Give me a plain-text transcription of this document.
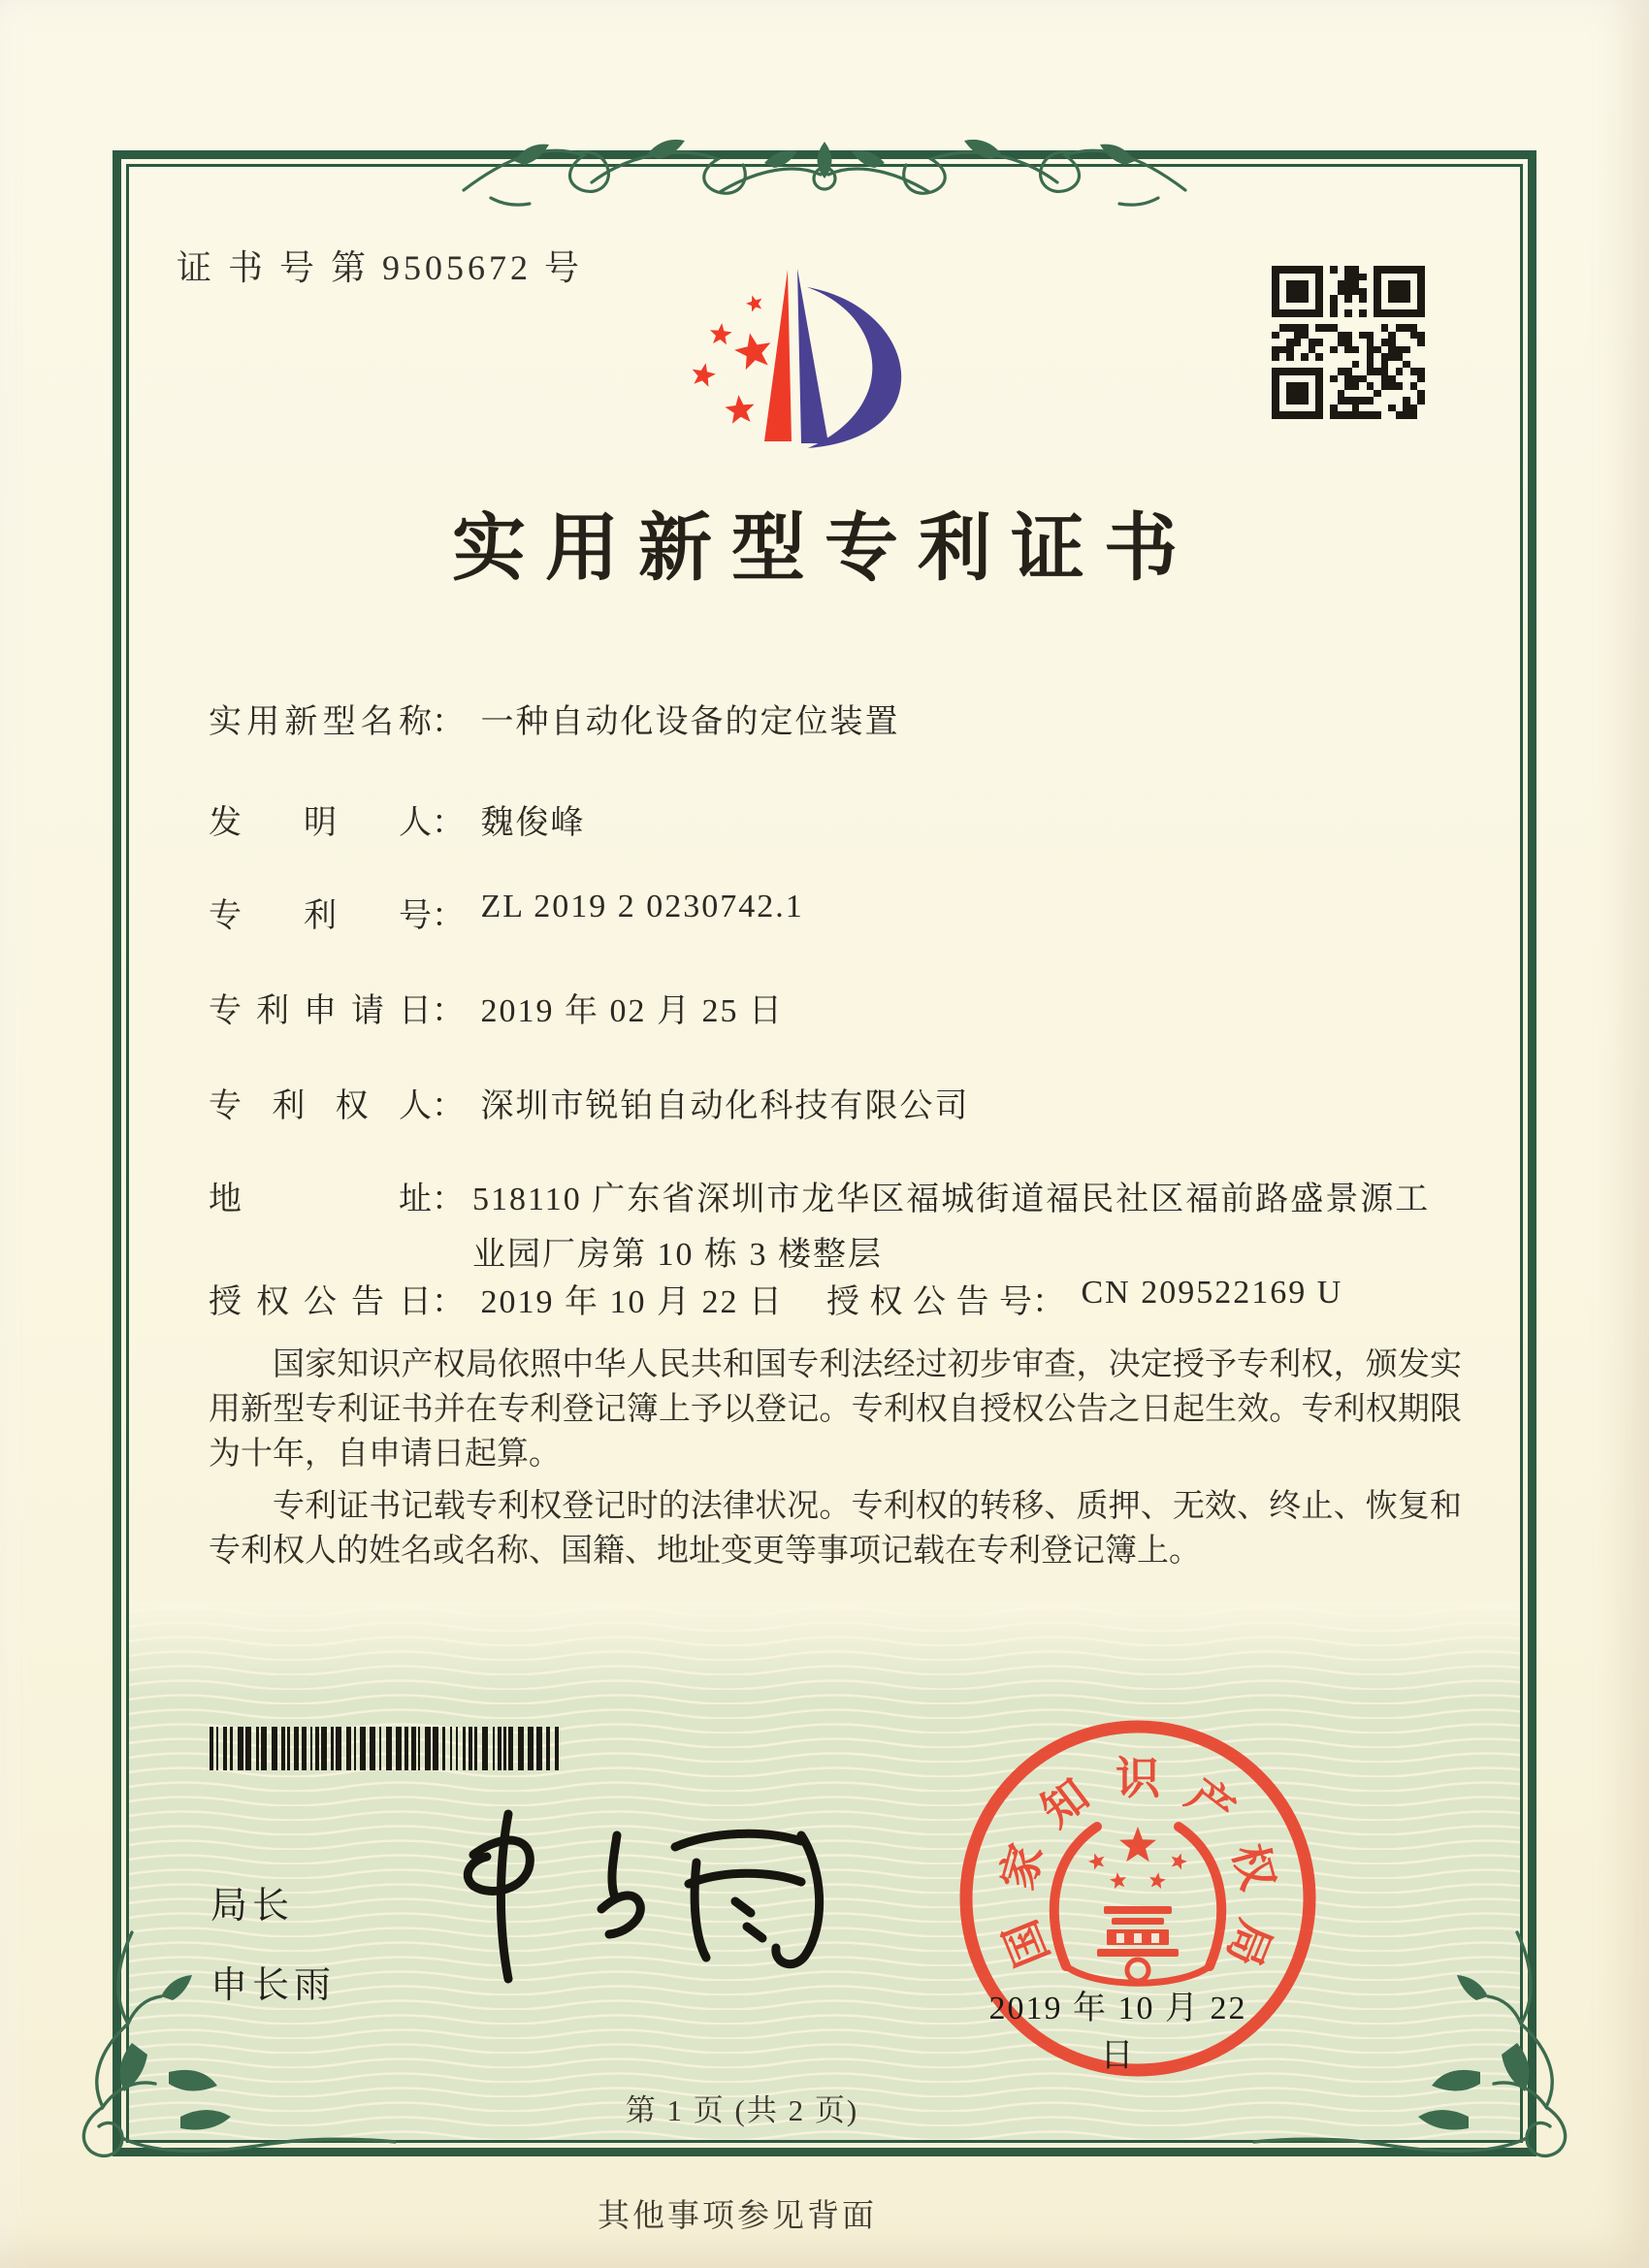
证 书 号 第 9505672 号
实用新型专利证书
实用新型名称： 一种自动化设备的定位装置
发明人： 魏俊峰
专利号： ZL 2019 2 0230742.1
专利申请日： 2019 年 02 月 25 日
专利权人： 深圳市锐铂自动化科技有限公司
地址 ： 518110 广东省深圳市龙华区福城街道福民社区福前路盛景源工业园厂房第 10 栋 3 楼整层
授权公告日： 2019 年 10 月 22 日 授权公告号： CN 209522169 U

国家知识产权局依照中华人民共和国专利法经过初步审查，决定授予专利权，颁发实用新型专利证书并在专利登记簿上予以登记。专利权自授权公告之日起生效。专利权期限为十年，自申请日起算。

专利证书记载专利权登记时的法律状况。专利权的转移、质押、无效、终止、恢复和专利权人的姓名或名称、国籍、地址变更等事项记载在专利登记簿上。

局长
申长雨
国
家
知 识 产
权
局
2019 年 10 月 22 日
第 1 页 (共 2 页)
其他事项参见背面
